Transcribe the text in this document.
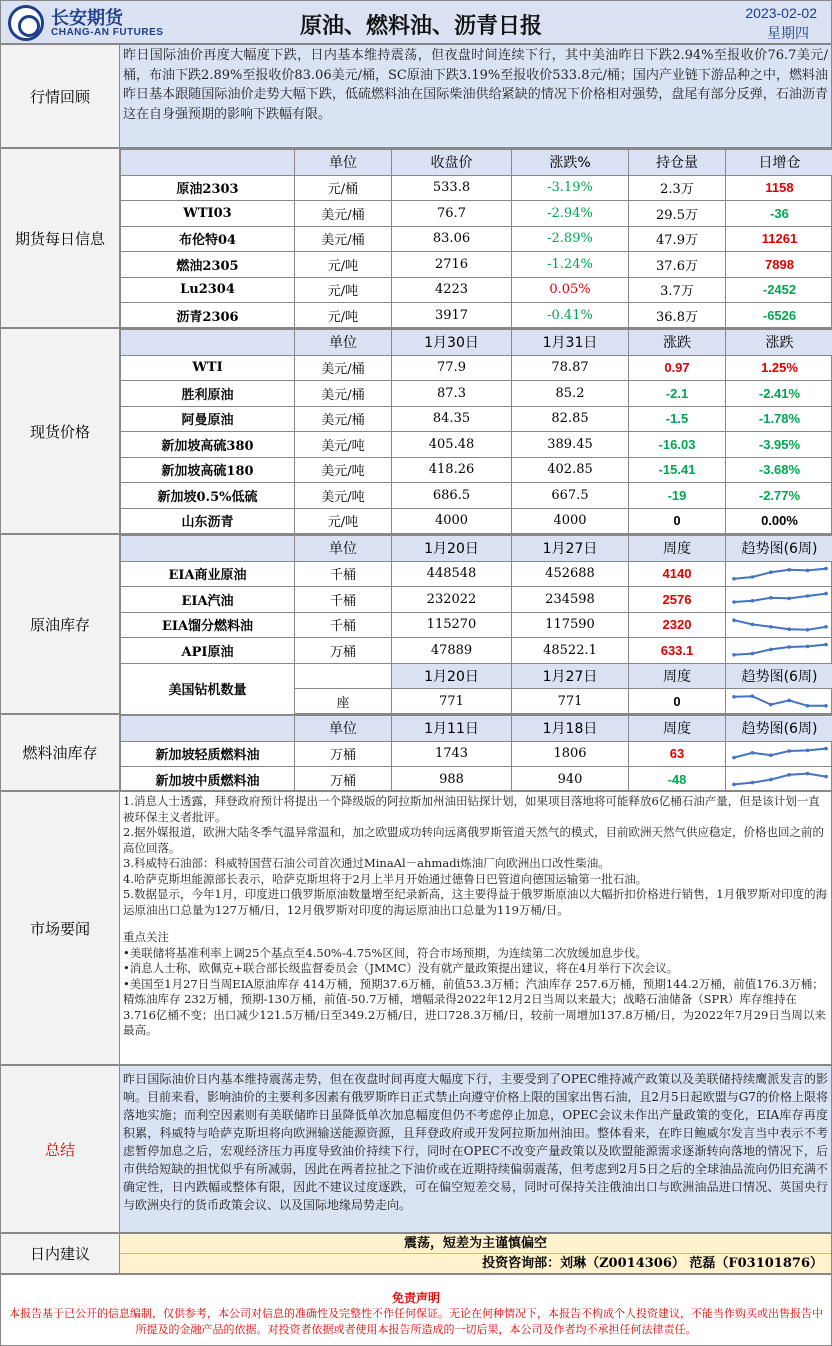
长安期货
CHANG-AN FUTURES	原油、燃料油、沥青日报
2023-02-02
星期四
行情回顾
昨日国际油价再度大幅度下跌，日内基本维持震荡，但夜盘时间连续下行，其中美油昨日下跌2.94%至报收价76.7美元/桶，布油下跌2.89%至报收价83.06美元/桶，SC原油下跌3.19%至报收价533.8元/桶；国内产业链下游品种之中，燃料油昨日基本跟随国际油价走势大幅下跌，低硫燃料油在国际柴油供给紧缺的情况下价格相对强势，盘尾有部分反弹，石油沥青这在自身强预期的影响下跌幅有限。
期货每日信息
	单位	收盘价	涨跌%	持仓量	日增仓
原油2303	元/桶	533.8	-3.19%	2.3万	1158
WTI03	美元/桶	76.7	-2.94%	29.5万	-36
布伦特04	美元/桶	83.06	-2.89%	47.9万	11261
燃油2305	元/吨	2716	-1.24%	37.6万	7898
Lu2304	元/吨	4223	0.05%	3.7万	-2452
沥青2306	元/吨	3917	-0.41%	36.8万	-6526
现货价格
	单位	1月30日	1月31日	涨跌	涨跌
WTI	美元/桶	77.9	78.87	0.97	1.25%
胜利原油	美元/桶	87.3	85.2	-2.1	-2.41%
阿曼原油	美元/桶	84.35	82.85	-1.5	-1.78%
新加坡高硫380	美元/吨	405.48	389.45	-16.03	-3.95%
新加坡高硫180	美元/吨	418.26	402.85	-15.41	-3.68%
新加坡0.5%低硫	美元/吨	686.5	667.5	-19	-2.77%
山东沥青	元/吨	4000	4000	0	0.00%
原油库存
	单位	1月20日	1月27日	周度	趋势图(6周)
EIA商业原油	千桶	448548	452688	4140	

EIA汽油	千桶	232022	234598	2576	

EIA馏分燃料油	千桶	115270	117590	2320	

API原油	万桶	47889	48522.1	633.1	

美国钻机数量		1月20日	1月27日	周度	趋势图(6周)
	座	771	771	0	
燃料油库存
	单位	1月11日	1月18日	周度	趋势图(6周)
新加坡轻质燃料油	万桶	1743	1806	63	

新加坡中质燃料油	万桶	988	940	-48	
市场要闻
1.消息人士透露，拜登政府预计将提出一个降级版的阿拉斯加州油田钻探计划，如果项目落地将可能释放6亿桶石油产量，但是该计划一直被环保主义者批评。
2.据外媒报道，欧洲大陆冬季气温异常温和，加之欧盟成功转向远离俄罗斯管道天然气的模式，目前欧洲天然气供应稳定，价格也回之前的高位回落。
3.科威特石油部：科威特国营石油公司首次通过MinaAl－ahmadi炼油厂向欧洲出口改性柴油。
4.哈萨克斯坦能源部长表示，哈萨克斯坦将于2月上半月开始通过德鲁日巴管道向德国运输第一批石油。
5.数据显示，今年1月，印度进口俄罗斯原油数量增至纪录新高，这主要得益于俄罗斯原油以大幅折扣价格进行销售，1月俄罗斯对印度的海运原油出口总量为127万桶/日，12月俄罗斯对印度的海运原油出口总量为119万桶/日。
重点关注
•美联储将基准利率上调25个基点至4.50%-4.75%区间，符合市场预期，为连续第二次放缓加息步伐。
•消息人士称，欧佩克+联合部长级监督委员会（JMMC）没有就产量政策提出建议，将在4月举行下次会议。
•美国至1月27日当周EIA原油库存 414万桶，预期37.6万桶，前值53.3万桶；汽油库存 257.6万桶，预期144.2万桶，前值176.3万桶；精炼油库存 232万桶，预期-130万桶，前值-50.7万桶，增幅录得2022年12月2日当周以来最大；战略石油储备（SPR）库存维持在3.716亿桶不变；出口减少121.5万桶/日至349.2万桶/日，进口728.3万桶/日，较前一周增加137.8万桶/日，为2022年7月29日当周以来最高。
总结
昨日国际油价日内基本维持震荡走势，但在夜盘时间再度大幅度下行，主要受到了OPEC维持减产政策以及美联储持续鹰派发言的影响。目前来看，影响油价的主要利多因素有俄罗斯昨日正式禁止向遵守价格上限的国家出售石油，且2月5日起欧盟与G7的价格上限将落地实施；而利空因素则有美联储昨日虽降低单次加息幅度但仍不考虑停止加息，OPEC会议未作出产量政策的变化，EIA库存再度积累，科威特与哈萨克斯坦将向欧洲输送能源资源，且拜登政府或开发阿拉斯加州油田。整体看来，在昨日鲍威尔发言当中表示不考虑暂停加息之后，宏观经济压力再度导致油价持续下行，同时在OPEC不改变产量政策以及欧盟能源需求逐渐转向落地的情况下，后市供给短缺的担忧似乎有所减弱，因此在两者拉扯之下油价或在近期持续偏弱震荡，但考虑到2月5日之后的全球油品流向仍旧充满不确定性，日内跌幅或整体有限，因此不建议过度逐跌，可在偏空短差交易，同时可保持关注俄油出口与欧洲油品进口情况、英国央行与欧洲央行的货币政策会议、以及国际地缘局势走向。
日内建议
震荡，短差为主谨慎偏空
投资咨询部：刘琳（Z0014306） 范磊（F03101876）
免责声明
本报告基于已公开的信息编制，仅供参考，本公司对信息的准确性及完整性不作任何保证。无论在何种情况下，本报告不构成个人投资建议，不能当作购买或出售报告中所提及的金融产品的依据。对投资者依据或者使用本报告所造成的一切后果，本公司及作者均不承担任何法律责任。
